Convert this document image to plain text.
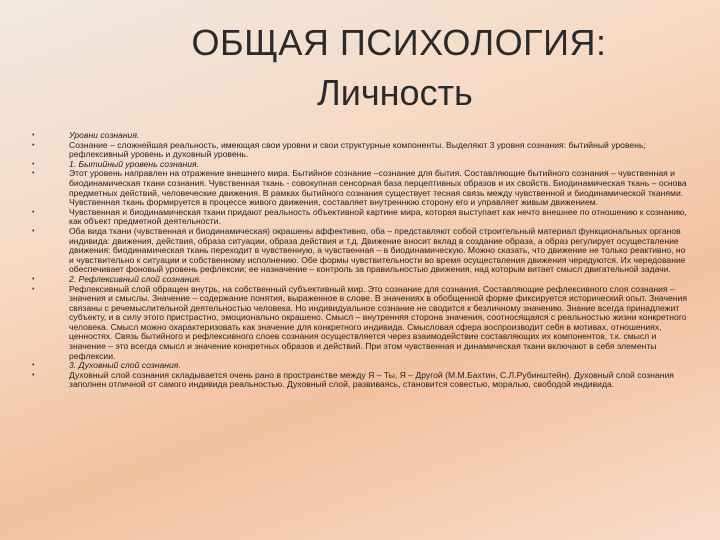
ОБЩАЯ ПСИХОЛОГИЯ:
Личность
•	Уровни сознания.
•	Сознание – сложнейшая реальность, имеющая свои уровни и свои структурные компоненты. Выделяют 3 уровня сознания: бытийный уровень; рефлексивный уровень и духовный уровень.
•	1. Бытийный уровень сознания.
•	Этот уровень направлен на отражение внешнего мира. Бытийное сознание –сознание для бытия. Составляющие бытийного сознания – чувственная и биодинамическая ткани сознания. Чувственная ткань - совокупная сенсорная база перцептивных образов и их свойств. Биодинамическая ткань – основа предметных действий, человеческие движения. В рамках бытийного сознания существует тесная связь между чувственной и биодинамической тканями. Чувственная ткань формируется в процессе живого движения, составляет внутреннюю сторону его и управляет живым движением.
•	Чувственная и биодинамическая ткани придают реальность объективной картине мира, которая выступает как нечто внешнее по отношению к сознанию, как объект предметной деятельности.
•	Оба вида ткани (чувственная и биодинамическая) окрашены аффективно, оба – представляют собой строительный материал функциональных органов индивида: движения, действия, образа ситуации, образа действия и т.д. Движение вносит вклад в создание образа, а образ регулирует осуществление движения: биодинамическая ткань переходит в чувственную, а чувственная – в биодинамическую. Можно сказать, что движение не только реактивно, но и чувствительно к ситуации и собственному исполнению. Обе формы чувствительности во время осуществления движения чередуются. Их чередование обеспечивает фоновый уровень рефлексии; ее назначение – контроль за правильностью движения, над которым витает смысл двигательной задачи.
•	2. Рефлексивный слой сознания.
•	Рефлексивный слой обращен внутрь, на собственный субъективный мир. Это сознание для сознания. Составляющие рефлексивного слоя сознания – значения и смыслы. Значение – содержание понятия, выраженное в слове. В значениях в обобщенной форме фиксируется исторический опыт. Значения связаны с речемыслительной деятельностью человека. Но индивидуальное сознание не сводится к безличному значению. Знание всегда принадлежит субъекту, и в силу этого пристрастно, эмоционально окрашено. Смысл – внутренняя сторона значения, соотносящаяся с реальностью жизни конкретного человека. Смысл можно охарактеризовать как значение для конкретного индивида. Смысловая сфера воспроизводит себя в мотивах, отношениях, ценностях. Связь бытийного и рефлексивного слоев сознания осуществляется через взаимодействие составляющих их компонентов, т.к. смысл и значение – это всегда смысл и значение конкретных образов и действий. При этом чувственная и динамическая ткани включают в себя элементы рефлексии.
•	3. Духовный слой сознания.
•	Духовный слой сознания складывается очень рано в пространстве между Я – Ты, Я – Другой (М.М.Бахтин, С.Л.Рубинштейн). Духовный слой сознания заполнен отличной от самого индивида реальностью. Духовный слой, развиваясь, становится совестью, моралью, свободой индивида.
